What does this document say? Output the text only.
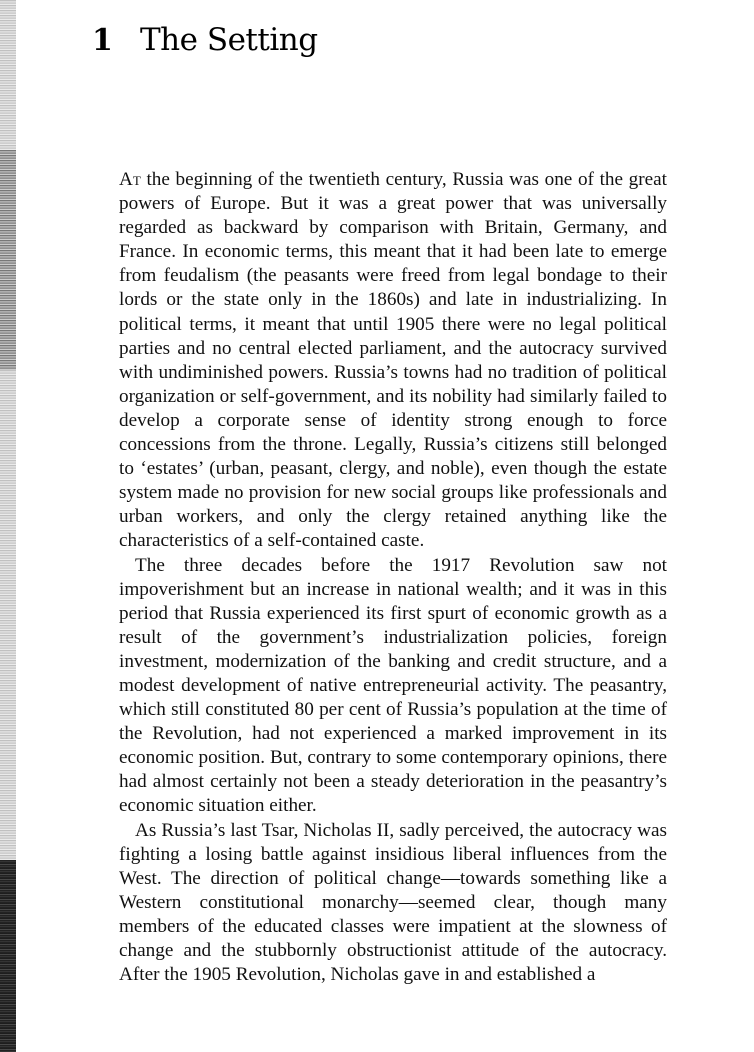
1 The Setting

At the beginning of the twentieth century, Russia was one of the great powers of Europe. But it was a great power that was universally regarded as backward by comparison with Britain, Germany, and France. In economic terms, this meant that it had been late to emerge from feudalism (the peasants were freed from legal bondage to their lords or the state only in the 1860s) and late in industrializing. In political terms, it meant that until 1905 there were no legal political parties and no central elected parliament, and the autocracy survived with undiminished powers. Russia’s towns had no tradition of political organization or self-government, and its nobility had similarly failed to develop a corporate sense of identity strong enough to force concessions from the throne. Legally, Russia’s citizens still belonged to ‘estates’ (urban, peasant, clergy, and noble), even though the estate system made no provision for new social groups like professionals and urban workers, and only the clergy retained anything like the characteristics of a self-contained caste.

The three decades before the 1917 Revolution saw not impoverishment but an increase in national wealth; and it was in this period that Russia experienced its first spurt of economic growth as a result of the government’s industrialization policies, foreign investment, modernization of the banking and credit structure, and a modest development of native entrepreneurial activity. The peasantry, which still constituted 80 per cent of Russia’s population at the time of the Revolution, had not experienced a marked improvement in its economic position. But, contrary to some contemporary opinions, there had almost certainly not been a steady deterioration in the peasantry’s economic situation either.

As Russia’s last Tsar, Nicholas II, sadly perceived, the autocracy was fighting a losing battle against insidious liberal influences from the West. The direction of political change—towards something like a Western constitutional monarchy—seemed clear, though many members of the educated classes were impatient at the slowness of change and the stubbornly obstructionist attitude of the autocracy. After the 1905 Revolution, Nicholas gave in and established a
